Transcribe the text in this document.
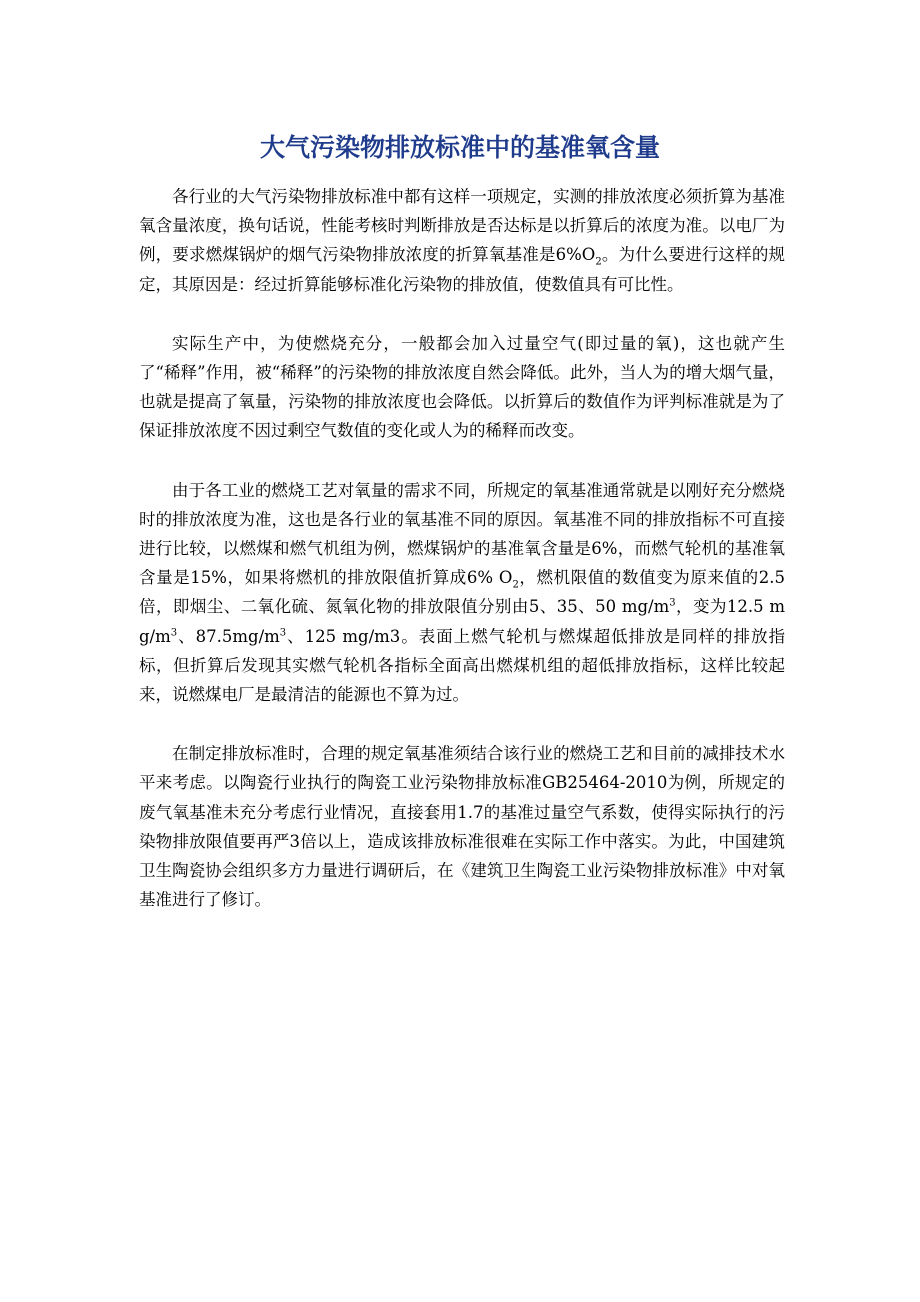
大气污染物排放标准中的基准氧含量

各行业的大气污染物排放标准中都有这样一项规定，实测的排放浓度必须折算为基准氧含量浓度，换句话说，性能考核时判断排放是否达标是以折算后的浓度为准。以电厂为例，要求燃煤锅炉的烟气污染物排放浓度的折算氧基准是$6\%O_2$。为什么要进行这样的规定，其原因是：经过折算能够标准化污染物的排放值，使数值具有可比性。

实际生产中，为使燃烧充分，一般都会加入过量空气(即过量的氧)，这也就产生了“稀释”作用，被“稀释”的污染物的排放浓度自然会降低。此外，当人为的增大烟气量，也就是提高了氧量，污染物的排放浓度也会降低。以折算后的数值作为评判标准就是为了保证排放浓度不因过剩空气数值的变化或人为的稀释而改变。

由于各工业的燃烧工艺对氧量的需求不同，所规定的氧基准通常就是以刚好充分燃烧时的排放浓度为准，这也是各行业的氧基准不同的原因。氧基准不同的排放指标不可直接进行比较，以燃煤和燃气机组为例，燃煤锅炉的基准氧含量是6%，而燃气轮机的基准氧含量是15%，如果将燃机的排放限值折算成6% $O_2$，燃机限值的数值变为原来值的2.5倍，即烟尘、二氧化硫、氮氧化物的排放限值分别由5、35、50 $mg/m^3$，变为12.5 $mg/m^3$、$87.5mg/m^3$、125 mg/m3。表面上燃气轮机与燃煤超低排放是同样的排放指标，但折算后发现其实燃气轮机各指标全面高出燃煤机组的超低排放指标，这样比较起来，说燃煤电厂是最清洁的能源也不算为过。

在制定排放标准时，合理的规定氧基准须结合该行业的燃烧工艺和目前的减排技术水平来考虑。以陶瓷行业执行的陶瓷工业污染物排放标准GB25464-2010为例，所规定的废气氧基准未充分考虑行业情况，直接套用1.7的基准过量空气系数，使得实际执行的污染物排放限值要再严3倍以上，造成该排放标准很难在实际工作中落实。为此，中国建筑卫生陶瓷协会组织多方力量进行调研后，在《建筑卫生陶瓷工业污染物排放标准》中对氧基准进行了修订。
